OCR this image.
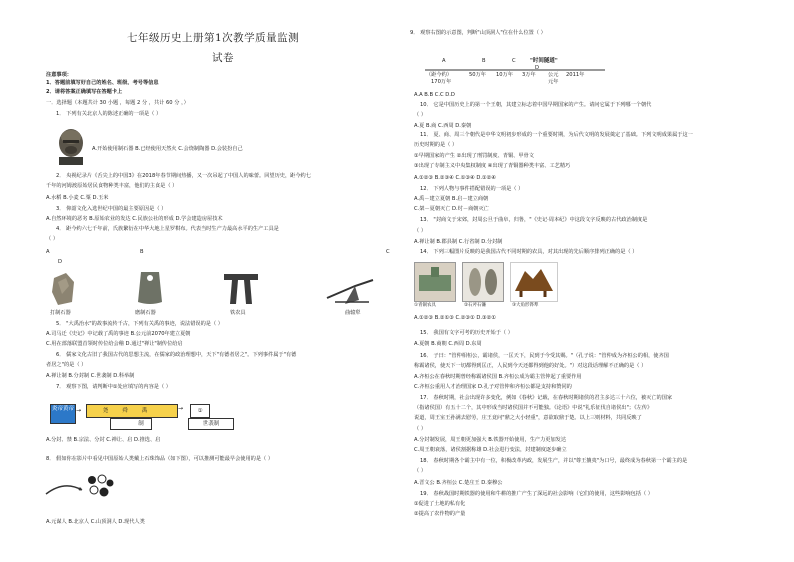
七年级历史上册第1次教学质量监测
试卷
注意事项：
1．答题前填写好自己的姓名、班级、考号等信息
2．请将答案正确填写在答题卡上
一．选择题（本题共计 30 小题 ，每题 2 分 ，共计 60 分 ，）
1． 下列有关北京人的陈述正确的一项是（ ）
A.开始使用制石器 B.已经使用天然火 C.会烧制陶器 D.会装扮自己
2． 央视纪录片《舌尖上的中国3》在2018年春节期间热播，又一次吊起了中国人的味蕾。回望历史，距今约七
千年的河姆渡原始居民食物种类丰富，他们的主食是（ ）
A.水稻 B.小麦 C.粟 D.玉米
3． 仰韶文化入选世纪中国的最主要原因是（ ）
A.自然环境的恶劣 B.原始农业的发达 C.民族公社的形成 D.学会建造房屋技术
4． 距今约六七千年前，氏族繁衍在中华大地上星罗棋布。代表当时生产力最高水平的生产工具是
（ ）
A	B	C
D
打制石器	磨制石器	铁农具	曲辕犁
5． "大禹治水"的故事流传千古，下列有关禹的事迹，说法错误的是（ ）
A.司马迁《史记》中记载了禹的事迹 B.公元前2070年建立夏朝
C.用在部落联盟首领时传位给会稽 D.通过"禅让"制传位给启
6． 儒家文化古旧了我国古代的思想主流，在儒家的政治理想中，天下"有德者居之"。下列事件属于"有德
者居之"的是（ ）
A.禅让制 B.分封制 C.世袭制 D.科举制
7． 观察下图，请判断中①处应填写的内容是（ ）
炎帝黄帝 →	尧舜禹	→	①
世袭制
制
A.分封、禁 B.宗法、分封 C.禅让、启 D.推选、启
8． 假如你在影片中看见中国原始人类戴上石珠饰品（如下图），可以推测可能最早会使用的是（ ）
A.元谋人 B.北京人 C.山顶洞人 D.现代人类
9． 观察右图的示意图，判断"山顶洞人"位在什么位置（ ）
"时间隧道"
A	B	C
D
（距今约）	50万年 10万年 3万年 公元 2011年
170万年	元年
A.A B.B C.C D.D
10． 它是中国历史上的第一个王朝，其建立标志着中国早期国家的产生。请问它属于下列哪一个朝代
（ ）
A.夏 B.商 C.西周 D.秦朝
11． 夏、商、周三个朝代是中华文明初步形成的一个重要时期，为后代文明的发展奠定了基础。下列文明成果属于这一
历史时期的是（ ）
①早期国家的产生 ②出现了刑罚制度、青铜、甲骨文
③出现了专制主义中央集权制度 ④出现了青铜器种类丰富、工艺精巧
A.①②③ B.②③④ C.①③④ D.①②④
12． 下列人物与事件搭配错误的一项是（ ）
A.禹－建立夏朝 B.启－建立商朝
C.桀－夏朝灭亡 D.纣－商朝灭亡
13． "封商文于宋郊，封周公旦于曲阜，归鲁，"《史记·周本纪》中这段文字反映的古代政治制度是
（ ）
A.禅让制 B.郡县制 C.行省制 D.分封制
14． 下列三幅图片反映的是我国古代不同时期的农具，对其出现的先后顺序排列正确的是（ ）
①青铜农具	②石斧石镰	③大角形铧犁
A.①②③ B.②①③ C.②③① D.③②①
15． 我国有文字可考的历史开始于（ ）
A.夏朝 B.商朝 C.西周 D.东周
16． 子曰："管仲相桓公，霸诸侯，一匡天下，民到于今受其赐。"（孔子说："管仲成为齐桓公的相，使齐国
称霸诸侯，使天下一切都得到匡正，人民到今天还都得到他的好处。"）对这段话理解不正确的是（ ）
A.齐桓公在春秋时期曾经称霸诸侯国 B.齐桓公成为霸主管仲起了重要作用
C.齐桓公重用人才治理国家 D.孔子对管仲和齐桓公都是支持和赞同的
17． 春秋时期，社会出现许多变化，例如《春秋》记载，在春秋时期诸侯的君主多达三十六位，被灭亡的国家
（指诸侯国）有五十二个，其中形成当时诸侯国并不可能独。《论语》中说"礼乐征伐自诸侯出"；《左传》
说道，周王室王孙满去慰劳，庄王竟问"鼎之大小轻重"，意欲取鼎于楚。以上三则材料，共同反映了
（ ）
A.分封制发展，周王朝更加强大 B.铁器开始使用，生产力更加发达
C.周王朝衰落，诸侯割据称雄 D.社会进行变法，封建制度逐步确立
18． 春秋时期各个霸主中有一位，积极改革内政，发展生产，并以"尊王攘夷"为口号，最终成为春秋第一个霸主的是
（ ）
A.晋文公 B.齐桓公 C.楚庄王 D.秦穆公
19． 春秋战国时期铁器的使用和牛耕的推广产生了深远的社会影响（它们的使用，这些影响包括（ ）
①促进了土地的私有化
②提高了农作物的产量
